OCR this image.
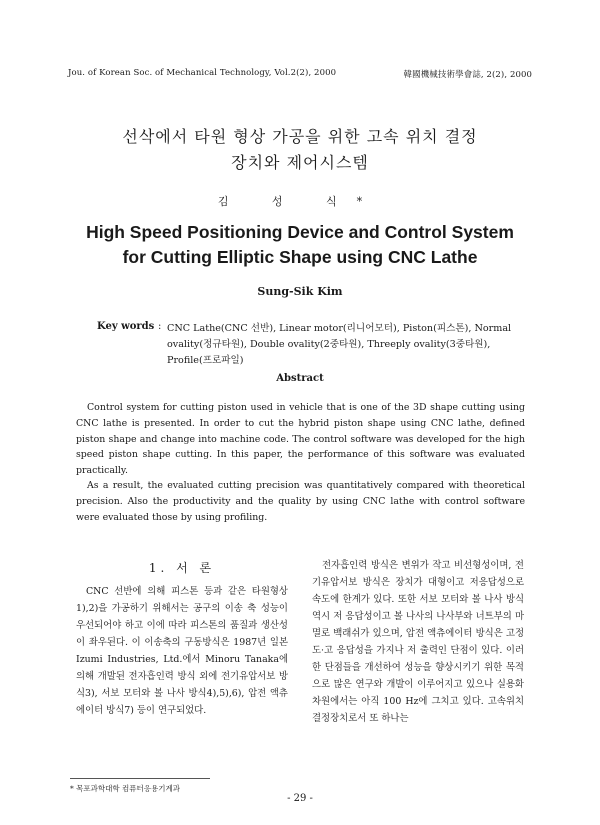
Jou. of Korean Soc. of Mechanical Technology, Vol.2(2), 2000	韓國機械技術學會誌, 2(2), 2000
선삭에서 타원 형상 가공을 위한 고속 위치 결정
장치와 제어시스템
김 성 식*
High Speed Positioning Device and Control System
for Cutting Elliptic Shape using CNC Lathe
Sung-Sik Kim
Key words : CNC Lathe(CNC 선반), Linear motor(리니어모터), Piston(피스톤), Normal ovality(정규타원), Double ovality(2중타원), Threeply ovality(3중타원), Profile(프로파일)
Abstract
Control system for cutting piston used in vehicle that is one of the 3D shape cutting using CNC lathe is presented. In order to cut the hybrid piston shape using CNC lathe, defined piston shape and change into machine code. The control software was developed for the high speed piston shape cutting. In this paper, the performance of this software was evaluated practically.
As a result, the evaluated cutting precision was quantitatively compared with theoretical precision. Also the productivity and the quality by using CNC lathe with control software were evaluated those by using profiling.
1. 서 론
CNC 선반에 의해 피스톤 등과 같은 타원형상1),2)을 가공하기 위해서는 공구의 이송 축 성능이 우선되어야 하고 이에 따라 피스톤의 품질과 생산성이 좌우된다. 이 이송축의 구동방식은 1987년 일본 Izumi Industries, Ltd.에서 Minoru Tanaka에 의해 개발된 전자흡인력 방식 외에 전기유압서보 방식3), 서보 모터와 볼 나사 방식4),5),6), 압전 액츄에이터 방식7) 등이 연구되었다.
전자흡인력 방식은 변위가 작고 비선형성이며, 전기유압서보 방식은 장치가 대형이고 저응답성으로 속도에 한계가 있다. 또한 서보 모터와 볼 나사 방식 역시 저 응답성이고 볼 나사의 나사부와 너트부의 마멸로 백래쉬가 있으며, 압전 액츄에이터 방식은 고정도·고 응답성을 가지나 저 출력인 단점이 있다. 이러한 단점들을 개선하여 성능을 향상시키기 위한 목적으로 많은 연구와 개발이 이루어지고 있으나 실용화 차원에서는 아직 100 Hz에 그치고 있다. 고속위치결정장치로서 또 하나는
* 목포과학대학 컴퓨터응용기계과
- 29 -
